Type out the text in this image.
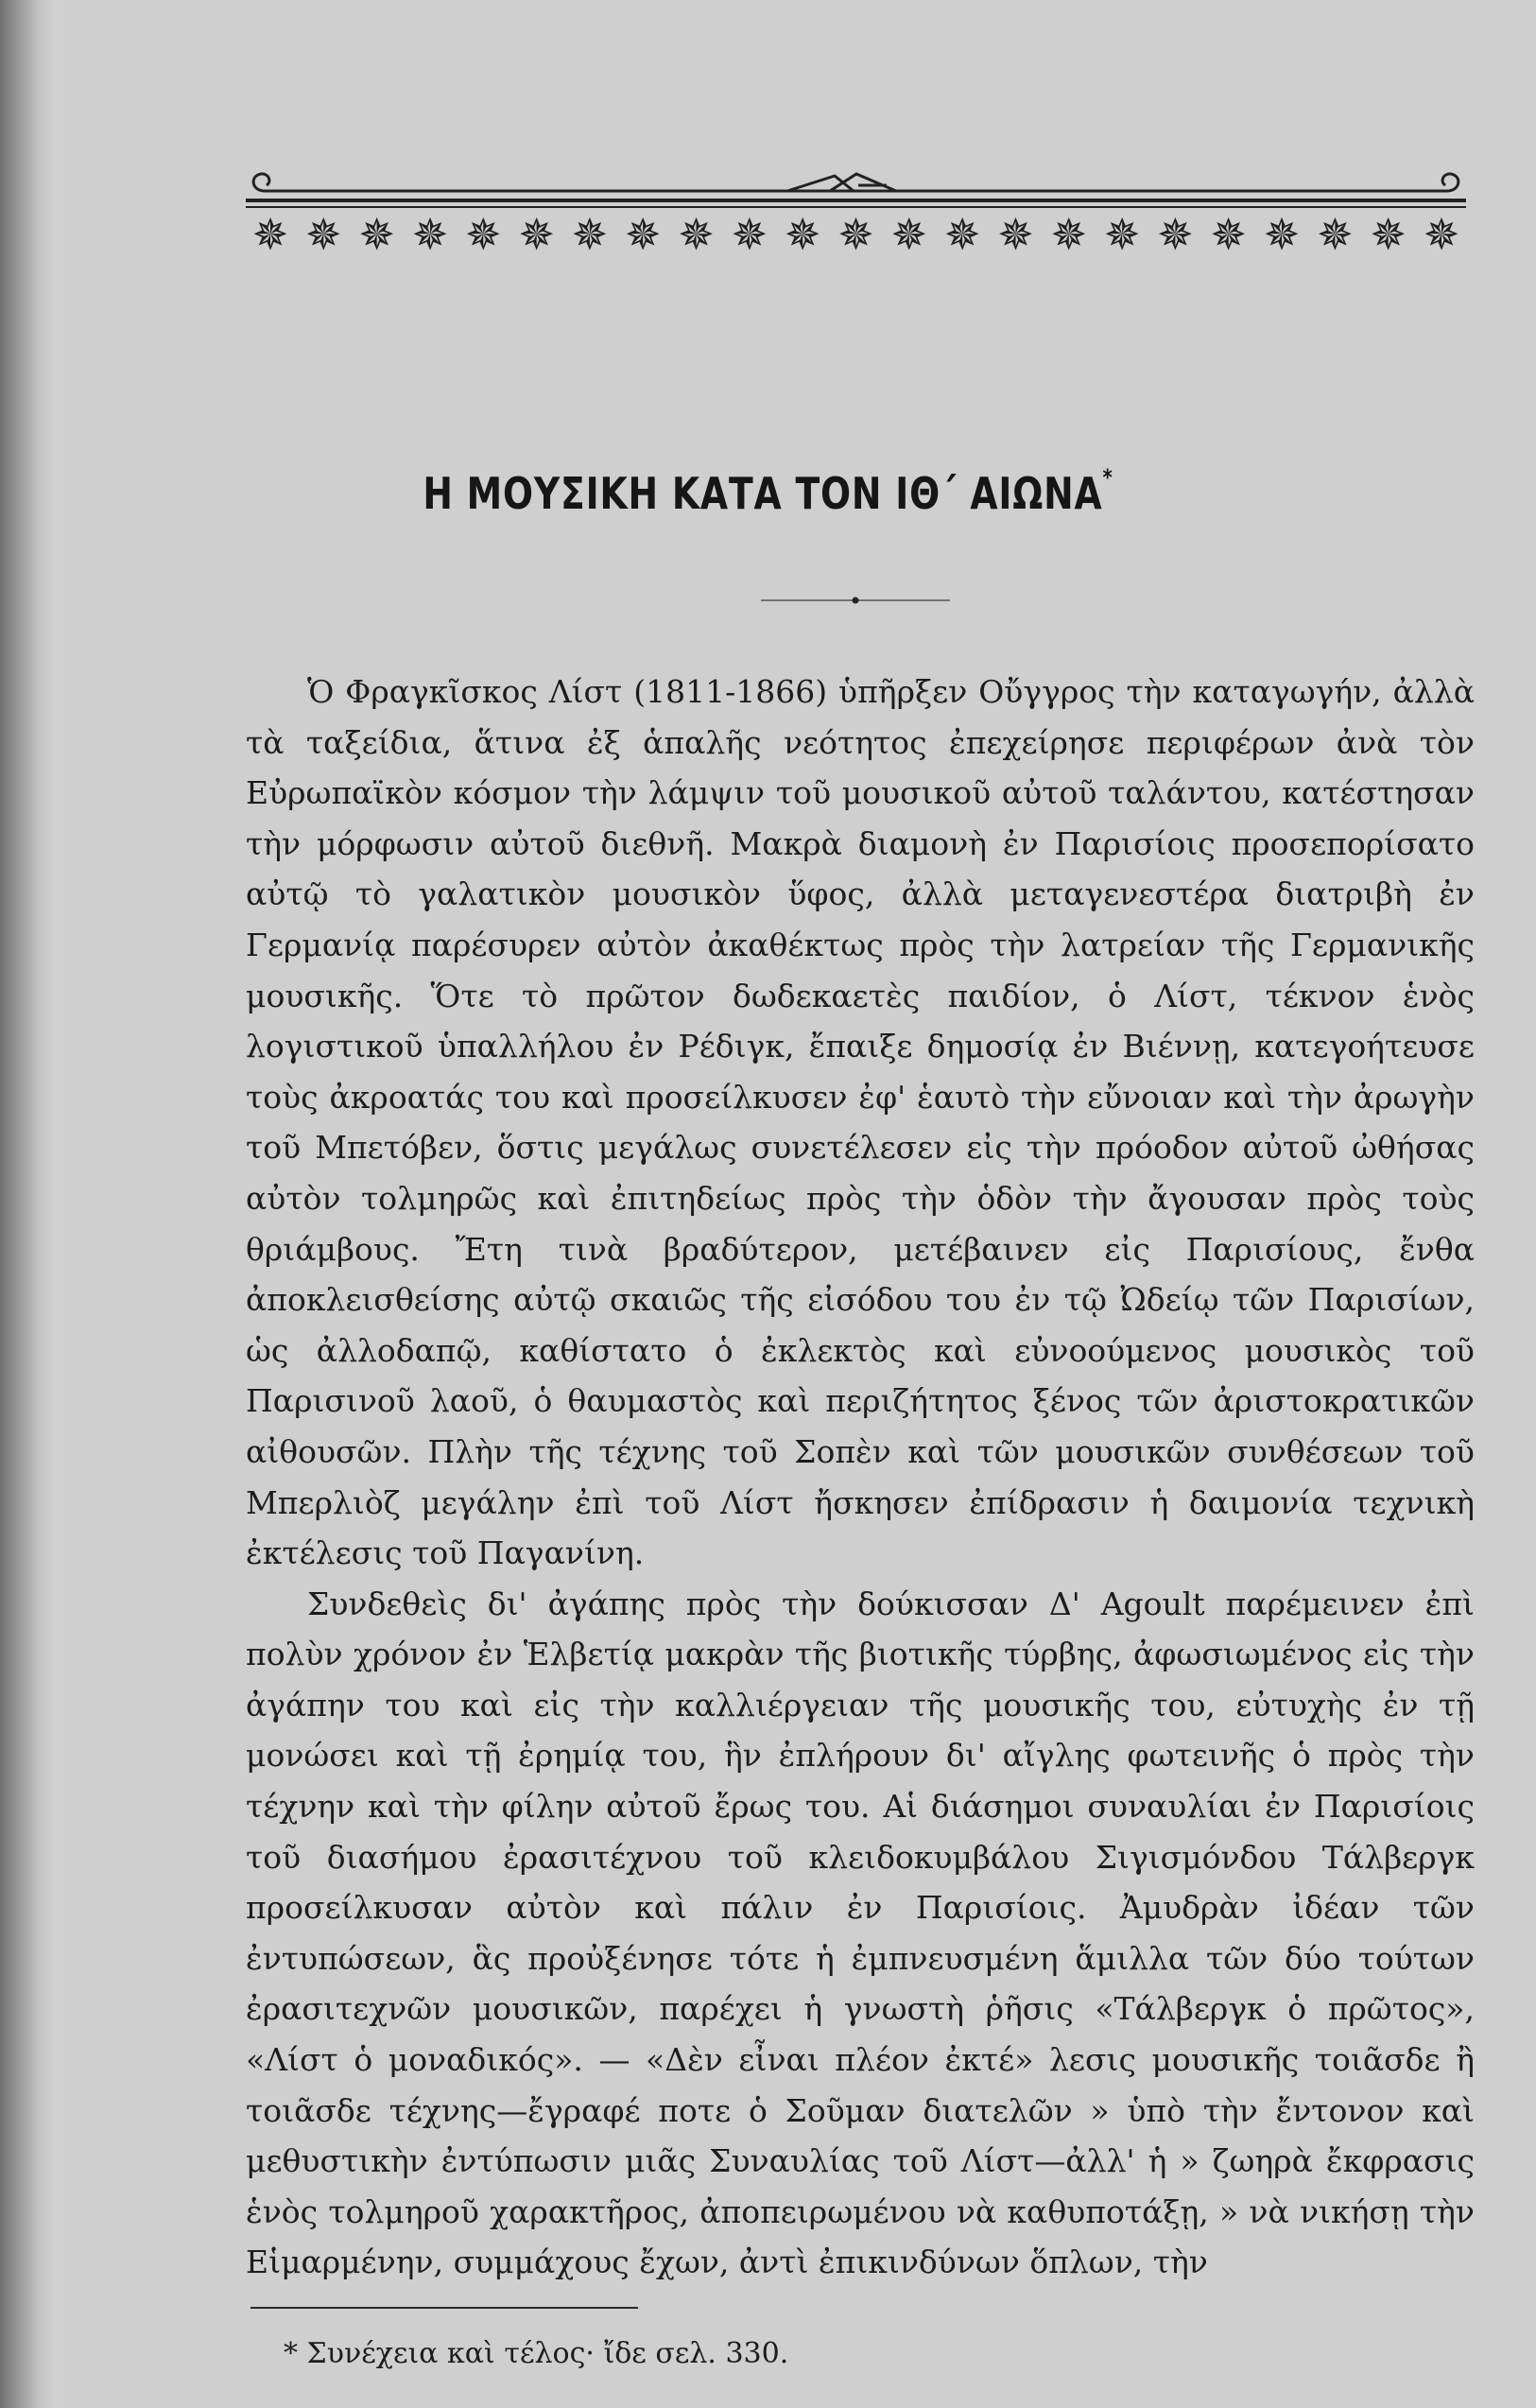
✵ ✵ ✵ ✵ ✵ ✵ ✵ ✵ ✵ ✵ ✵ ✵ ✵ ✵ ✵ ✵ ✵ ✵ ✵ ✵ ✵ ✵ ✵
Η ΜΟΥΣΙΚΗ ΚΑΤΑ ΤΟΝ ΙΘ΄ ΑΙΩΝΑ*

Ὁ Φραγκῖσκος Λίστ (1811-1866) ὑπῆρξεν Οὔγγρος τὴν καταγωγήν, ἀλλὰ τὰ ταξείδια, ἅτινα ἐξ ἁπαλῆς νεότητος ἐπεχείρησε περιφέρων ἀνὰ τὸν Εὐρωπαϊκὸν κόσμον τὴν λάμψιν τοῦ μουσικοῦ αὐτοῦ ταλάντου, κατέστησαν τὴν μόρφωσιν αὐτοῦ διεθνῆ. Μακρὰ διαμονὴ ἐν Παρισίοις προσεπορίσατο αὐτῷ τὸ γαλατικὸν μουσικὸν ὕφος, ἀλλὰ μεταγενεστέρα διατριβὴ ἐν Γερμανίᾳ παρέσυρεν αὐτὸν ἀκαθέκτως πρὸς τὴν λατρείαν τῆς Γερμανικῆς μουσικῆς. Ὅτε τὸ πρῶτον δωδεκαετὲς παιδίον, ὁ Λίστ, τέκνον ἑνὸς λογιστικοῦ ὑπαλλήλου ἐν Ρέδιγκ, ἔπαιξε δημοσίᾳ ἐν Βιέννῃ, κατεγοήτευσε τοὺς ἀκροατάς του καὶ προσείλκυσεν ἐφ' ἑαυτὸ τὴν εὔνοιαν καὶ τὴν ἀρωγὴν τοῦ Μπετόβεν, ὅστις μεγάλως συνετέλεσεν εἰς τὴν πρόοδον αὐτοῦ ὠθήσας αὐτὸν τολμηρῶς καὶ ἐπιτηδείως πρὸς τὴν ὁδὸν τὴν ἄγουσαν πρὸς τοὺς θριάμβους. Ἔτη τινὰ βραδύτερον, μετέβαινεν εἰς Παρισίους, ἔνθα ἀποκλεισθείσης αὐτῷ σκαιῶς τῆς εἰσόδου του ἐν τῷ Ὠδείῳ τῶν Παρισίων, ὡς ἀλλοδαπῷ, καθίστατο ὁ ἐκλεκτὸς καὶ εὐνοούμενος μουσικὸς τοῦ Παρισινοῦ λαοῦ, ὁ θαυμαστὸς καὶ περιζήτητος ξένος τῶν ἀριστοκρατικῶν αἰθουσῶν. Πλὴν τῆς τέχνης τοῦ Σοπὲν καὶ τῶν μουσικῶν συνθέσεων τοῦ Μπερλιὸζ μεγάλην ἐπὶ τοῦ Λίστ ἤσκησεν ἐπίδρασιν ἡ δαιμονία τεχνικὴ ἐκτέλεσις τοῦ Παγανίνη.

Συνδεθεὶς δι' ἀγάπης πρὸς τὴν δούκισσαν Δ' Agoult παρέμεινεν ἐπὶ πολὺν χρόνον ἐν Ἑλβετίᾳ μακρὰν τῆς βιοτικῆς τύρβης, ἀφωσιωμένος εἰς τὴν ἀγάπην του καὶ εἰς τὴν καλλιέργειαν τῆς μουσικῆς του, εὐτυχὴς ἐν τῇ μονώσει καὶ τῇ ἐρημίᾳ του, ἣν ἐπλήρουν δι' αἴγλης φωτεινῆς ὁ πρὸς τὴν τέχνην καὶ τὴν φίλην αὐτοῦ ἔρως του. Αἱ διάσημοι συναυλίαι ἐν Παρισίοις τοῦ διασήμου ἐρασιτέχνου τοῦ κλειδοκυμβάλου Σιγισμόνδου Τάλβεργκ προσείλκυσαν αὐτὸν καὶ πάλιν ἐν Παρισίοις. Ἀμυδρὰν ἰδέαν τῶν ἐντυπώσεων, ἃς προὐξένησε τότε ἡ ἐμπνευσμένη ἅμιλλα τῶν δύο τούτων ἐρασιτεχνῶν μουσικῶν, παρέχει ἡ γνωστὴ ῥῆσις «Τάλβεργκ ὁ πρῶτος», «Λίστ ὁ μοναδικός». — «Δὲν εἶναι πλέον ἐκτέ» λεσις μουσικῆς τοιᾶσδε ἢ τοιᾶσδε τέχνης—ἔγραφέ ποτε ὁ Σοῦμαν διατελῶν » ὑπὸ τὴν ἔντονον καὶ μεθυστικὴν ἐντύπωσιν μιᾶς Συναυλίας τοῦ Λίστ—ἀλλ' ἡ » ζωηρὰ ἔκφρασις ἑνὸς τολμηροῦ χαρακτῆρος, ἀποπειρωμένου νὰ καθυποτάξῃ, » νὰ νικήσῃ τὴν Εἱμαρμένην, συμμάχους ἔχων, ἀντὶ ἐπικινδύνων ὅπλων, τὴν

* Συνέχεια καὶ τέλος· ἴδε σελ. 330.
